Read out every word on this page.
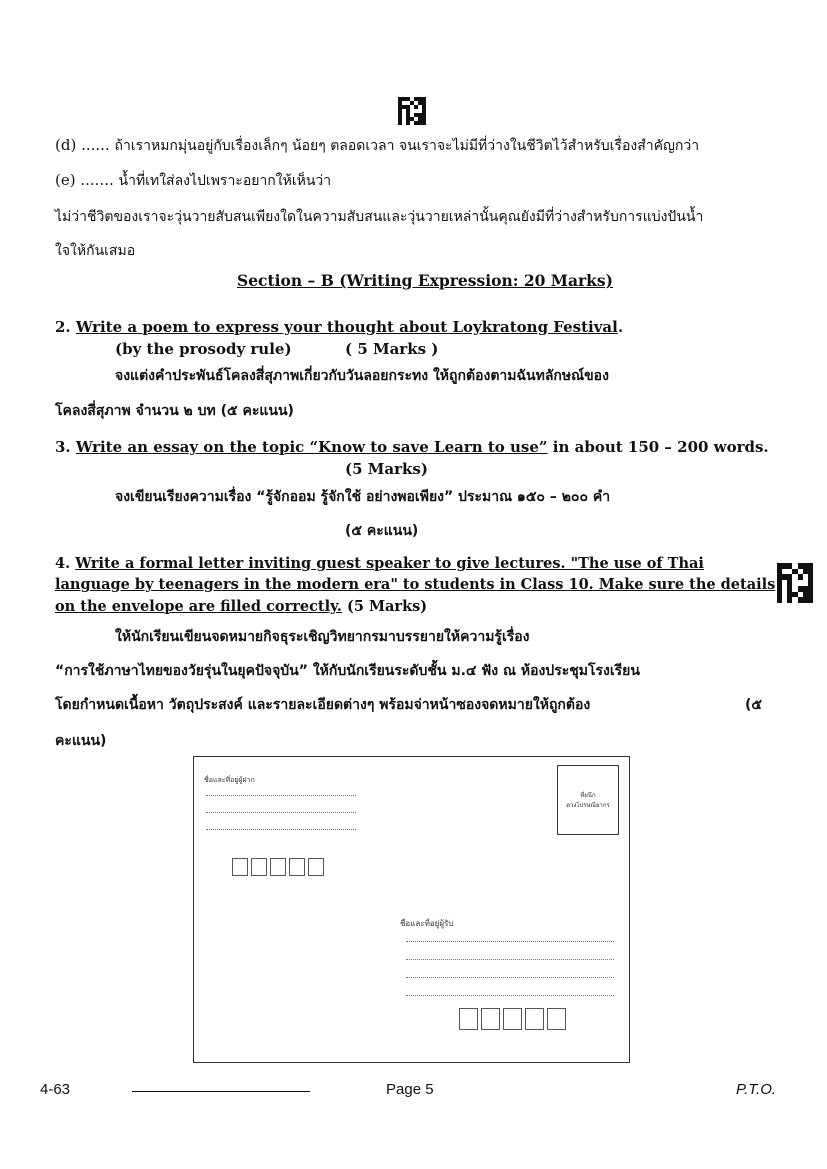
(d) ...... ถ้าเราหมกมุ่นอยู่กับเรื่องเล็กๆ น้อยๆ ตลอดเวลา จนเราจะไม่มีที่ว่างในชีวิตไว้สำหรับเรื่องสำคัญกว่า
(e) ....... น้ำที่เทใส่ลงไปเพราะอยากให้เห็นว่า
ไม่ว่าชีวิตของเราจะวุ่นวายสับสนเพียงใดในความสับสนและวุ่นวายเหล่านั้นคุณยังมีที่ว่างสำหรับการแบ่งปันน้ำ
ใจให้กันเสมอ
Section – B (Writing Expression: 20 Marks)
2. Write a poem to express your thought about Loykratong Festival.
(by the prosody rule)	( 5 Marks )
จงแต่งคำประพันธ์โคลงสี่สุภาพเกี่ยวกับวันลอยกระทง ให้ถูกต้องตามฉันทลักษณ์ของ
โคลงสี่สุภาพ จำนวน ๒ บท (๕ คะแนน)
3. Write an essay on the topic “Know to save Learn to use” in about 150 – 200 words.
(5 Marks)
จงเขียนเรียงความเรื่อง “รู้จักออม รู้จักใช้ อย่างพอเพียง” ประมาณ ๑๕๐ – ๒๐๐ คำ
(๕ คะแนน)
4. Write a formal letter inviting guest speaker to give lectures. "The use of Thai
language by teenagers in the modern era" to students in Class 10. Make sure the details
on the envelope are filled correctly. (5 Marks)
ให้นักเรียนเขียนจดหมายกิจธุระเชิญวิทยากรมาบรรยายให้ความรู้เรื่อง
“การใช้ภาษาไทยของวัยรุ่นในยุคปัจจุบัน” ให้กับนักเรียนระดับชั้น ม.๔ ฟัง ณ ห้องประชุมโรงเรียน
โดยกำหนดเนื้อหา วัตถุประสงค์ และรายละเอียดต่างๆ พร้อมจ่าหน้าซองจดหมายให้ถูกต้อง	(๕
คะแนน)
ชื่อและที่อยู่ผู้ฝาก
ที่ผนึก
ดวงไปรษณียากร
ชื่อและที่อยู่ผู้รับ
4-63	Page 5	P.T.O.
